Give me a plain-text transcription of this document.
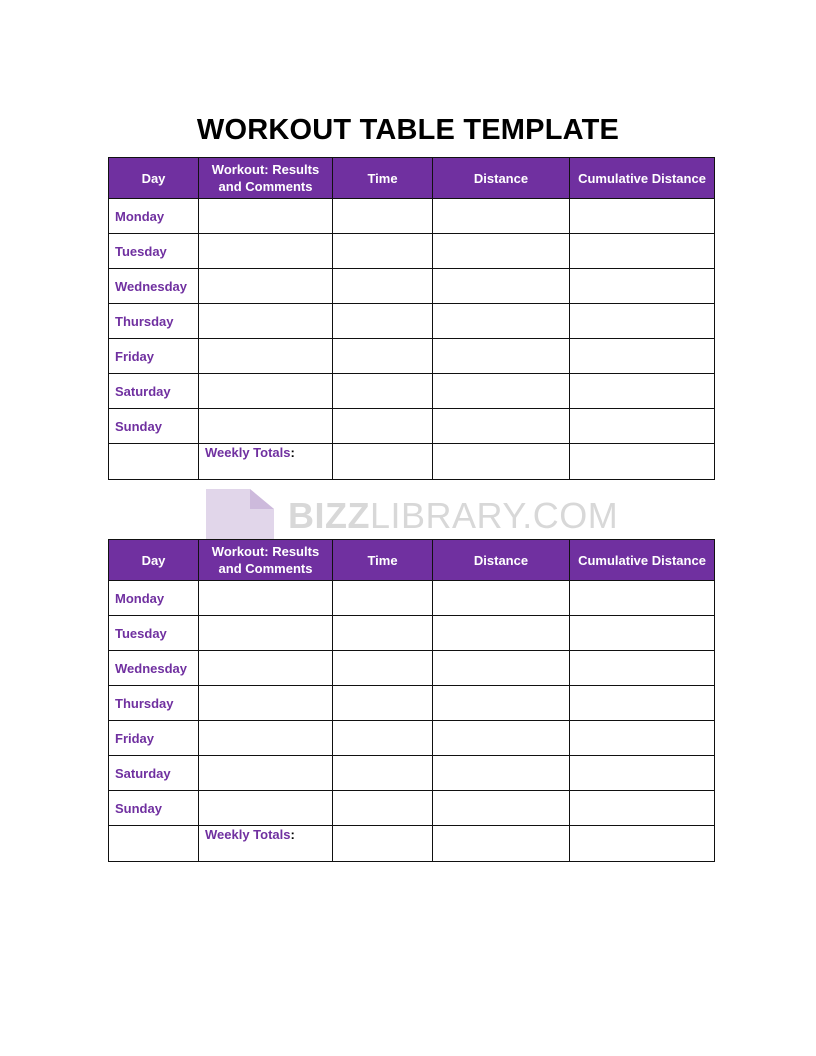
WORKOUT TABLE TEMPLATE
BIZZLIBRARY.COM
Day	Workout: Results and Comments	Time	Distance	Cumulative Distance
Monday				
Tuesday				
Wednesday				
Thursday				
Friday				
Saturday				
Sunday				
	Weekly Totals:			
Day	Workout: Results and Comments	Time	Distance	Cumulative Distance
Monday				
Tuesday				
Wednesday				
Thursday				
Friday				
Saturday				
Sunday				
	Weekly Totals:			
